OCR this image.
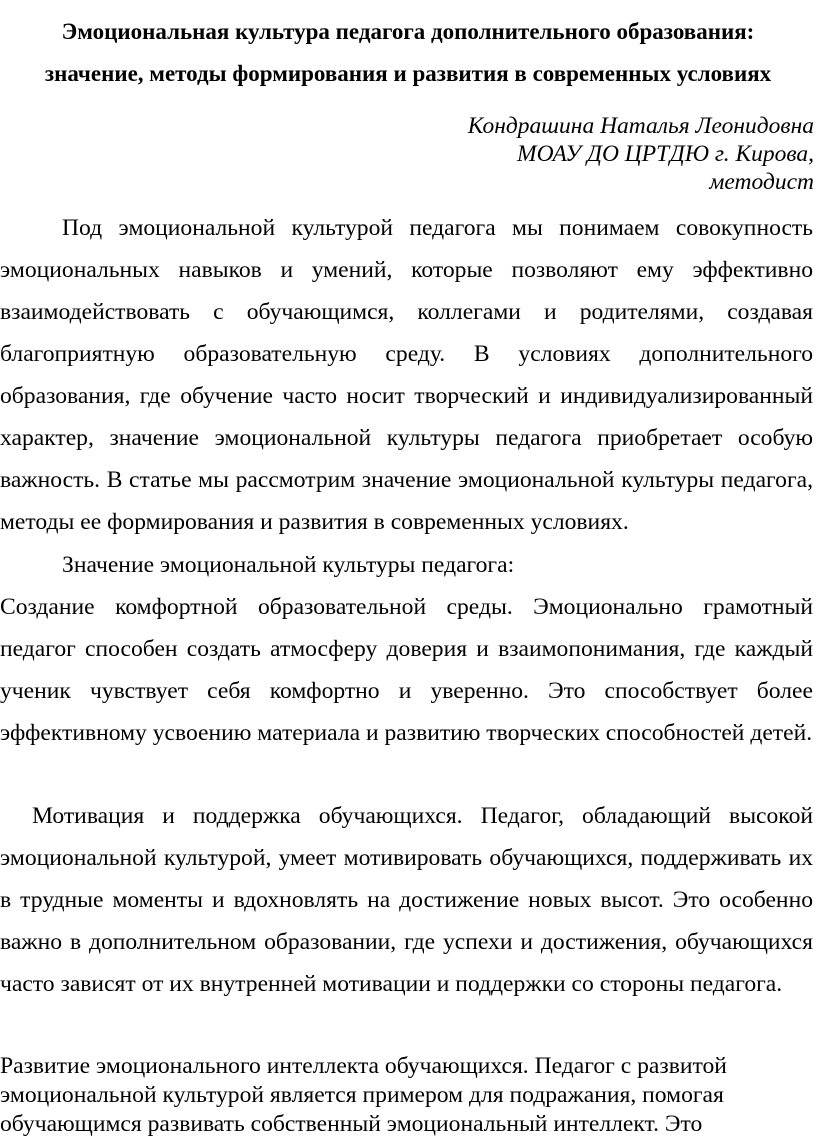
Эмоциональная культура педагога дополнительного образования:
значение, методы формирования и развития в современных условиях
Кондрашина Наталья Леонидовна
МОАУ ДО ЦРТДЮ г. Кирова,
методист

Под эмоциональной культурой педагога мы понимаем совокупность эмоциональных навыков и умений, которые позволяют ему эффективно взаимодействовать с обучающимся, коллегами и родителями, создавая благоприятную образовательную среду. В условиях дополнительного образования, где обучение часто носит творческий и индивидуализированный характер, значение эмоциональной культуры педагога приобретает особую важность. В статье мы рассмотрим значение эмоциональной культуры педагога, методы ее формирования и развития в современных условиях.

Значение эмоциональной культуры педагога:

Создание комфортной образовательной среды. Эмоционально грамотный педагог способен создать атмосферу доверия и взаимопонимания, где каждый ученик чувствует себя комфортно и уверенно. Это способствует более эффективному усвоению материала и развитию творческих способностей детей.

Мотивация и поддержка обучающихся. Педагог, обладающий высокой эмоциональной культурой, умеет мотивировать обучающихся, поддерживать их в трудные моменты и вдохновлять на достижение новых высот. Это особенно важно в дополнительном образовании, где успехи и достижения, обучающихся часто зависят от их внутренней мотивации и поддержки со стороны педагога.

Развитие эмоционального интеллекта обучающихся. Педагог с развитой эмоциональной культурой является примером для подражания, помогая обучающимся развивать собственный эмоциональный интеллект. Это
